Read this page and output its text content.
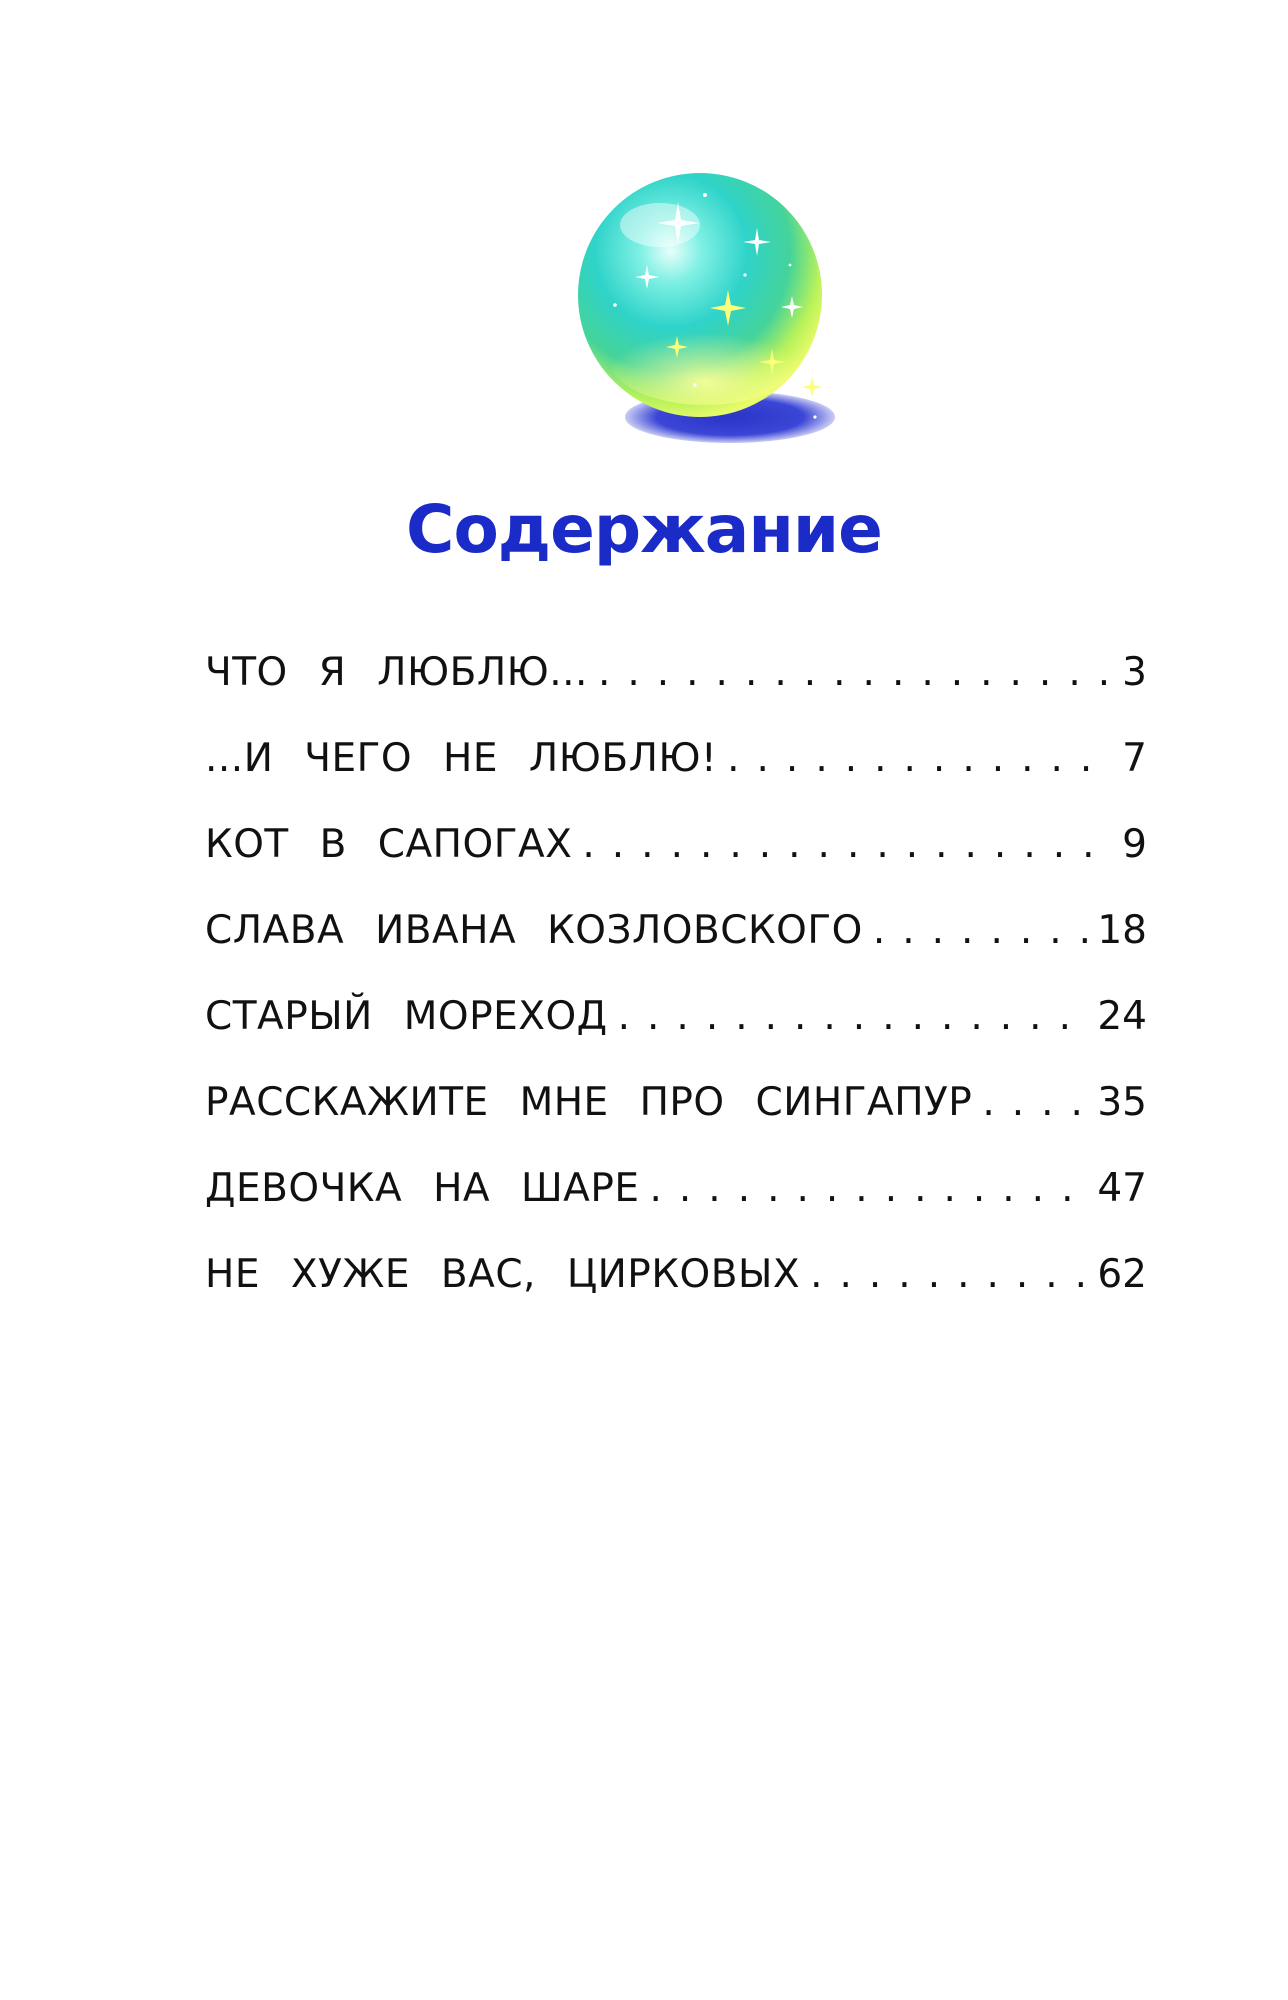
Содержание
ЧТО Я ЛЮБЛЮ... .....	3
...И ЧЕГО НЕ ЛЮБЛЮ! .....	7
КОТ В САПОГАХ .....	9
СЛАВА ИВАНА КОЗЛОВСКОГО .....	18
СТАРЫЙ МОРЕХОД .....	24
РАССКАЖИТЕ МНЕ ПРО СИНГАПУР .....	35
ДЕВОЧКА НА ШАРЕ .....	47
НЕ ХУЖЕ ВАС, ЦИРКОВЫХ .....	62
